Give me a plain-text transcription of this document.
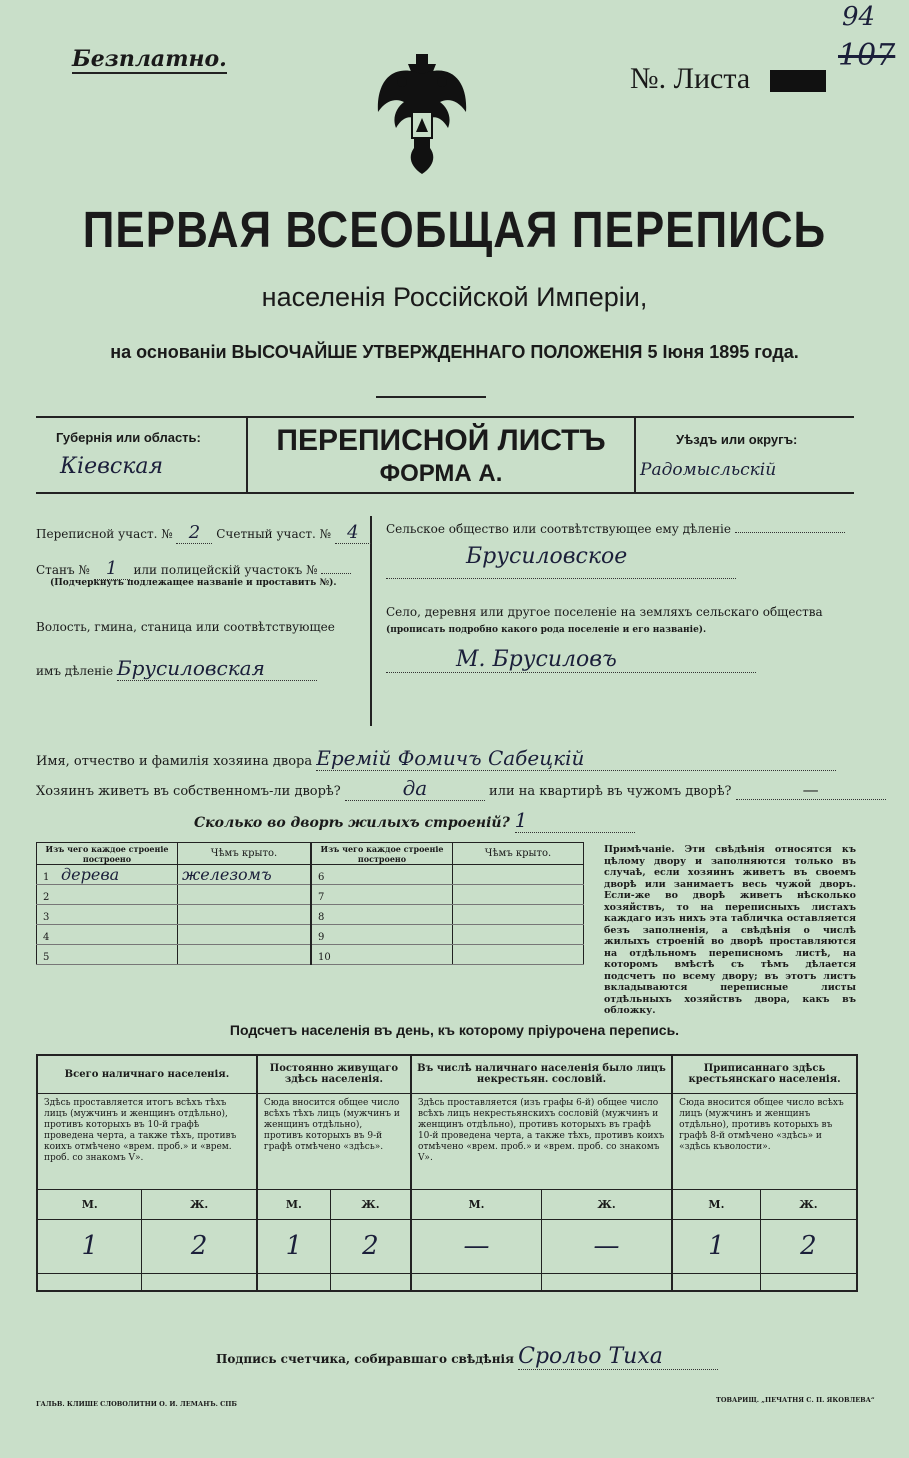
Безплатно.
№. Листа
94
107
ПЕРВАЯ ВСЕОБЩАЯ ПЕРЕПИСЬ
населенія Россійской Имперіи,
на основаніи ВЫСОЧАЙШЕ УТВЕРЖДЕННАГО ПОЛОЖЕНІЯ 5 Іюня 1895 года.
Губернія или область:
Кіевская
ПЕРЕПИСНОЙ ЛИСТЪ
ФОРМА А.
Уѣздъ или округъ:
Радомысльскій
Переписной участ. № 2 Счетный участ. № 4
Станъ № 1 или полицейскій участокъ №
(Подчеркнуть подлежащее названіе и проставить №).
Волость, гмина, станица или соотвѣтствующее
имъ дѣленіе Брусиловская
Сельское общество или соотвѣтствующее ему дѣленіе
Брусиловское
Село, деревня или другое поселеніе на земляхъ сельскаго общества
(прописать подробно какого рода поселеніе и его названіе).
М. Брусиловъ
Имя, отчество и фамилія хозяина двора Еремій Фомичъ Сабецкій
Хозяинъ живетъ въ собственномъ-ли дворѣ?	да	или на квартирѣ въ чужомъ дворѣ?	—
Сколько во дворѣ жилыхъ строеній? 1
Изъ чего каждое строеніе построено	Чѣмъ крыто.	Изъ чего каждое строеніе построено	Чѣмъ крыто.
1 дерева	железомъ	6	
2		7	
3		8	
4		9	
5		10	
Примѣчаніе. Эти свѣдѣнія относятся къ цѣлому двору и заполняются только въ случаѣ, если хозяинъ живетъ въ своемъ дворѣ или занимаетъ весь чужой дворъ. Если-же во дворѣ живетъ нѣсколько хозяйствъ, то на переписныхъ листахъ каждаго изъ нихъ эта табличка оставляется безъ заполненія, а свѣдѣнія о числѣ жилыхъ строеній во дворѣ проставляются на отдѣльномъ переписномъ листѣ, на которомъ вмѣстѣ съ тѣмъ дѣлается подсчетъ по всему двору; въ этотъ листъ вкладываются переписные листы отдѣльныхъ хозяйствъ двора, какъ въ обложку.
Подсчетъ населенія въ день, къ которому пріурочена перепись.
Всего наличнаго населенія.		Постоянно живущаго здѣсь населенія.		Въ числѣ наличнаго населенія было лицъ некрестьян. сословій.		Приписаннаго здѣсь крестьянскаго населенія.	
Здѣсь проставляется итогъ всѣхъ тѣхъ лицъ (мужчинъ и женщинъ отдѣльно), противъ которыхъ въ 10-й графѣ проведена черта, а также тѣхъ, противъ коихъ отмѣчено «врем. проб.» и «врем. проб. со знакомъ V».		Сюда вносится общее число всѣхъ тѣхъ лицъ (мужчинъ и женщинъ отдѣльно), противъ которыхъ въ 9-й графѣ отмѣчено «здѣсь».		Здѣсь проставляется (изъ графы 6-й) общее число всѣхъ лицъ некрестьянскихъ сословій (мужчинъ и женщинъ отдѣльно), противъ которыхъ въ графѣ 10-й проведена черта, а также тѣхъ, противъ коихъ отмѣчено «врем. проб.» и «врем. проб. со знакомъ V».		Сюда вносится общее число всѣхъ лицъ (мужчинъ и женщинъ отдѣльно), противъ которыхъ въ графѣ 8-й отмѣчено «здѣсь» и «здѣсь къволости».	
М.	Ж.	М.	Ж.	М.	Ж.	М.	Ж.
1	2	1	2	—	—	1	2

Подпись счетчика, собиравшаго свѣдѣнія Срольо Тиха
ГАЛЬВ. КЛИШЕ СЛОВОЛИТНИ О. И. ЛЕМАНЪ. СПБ	ТОВАРИЩ. „ПЕЧАТНЯ С. П. ЯКОВЛЕВА“
